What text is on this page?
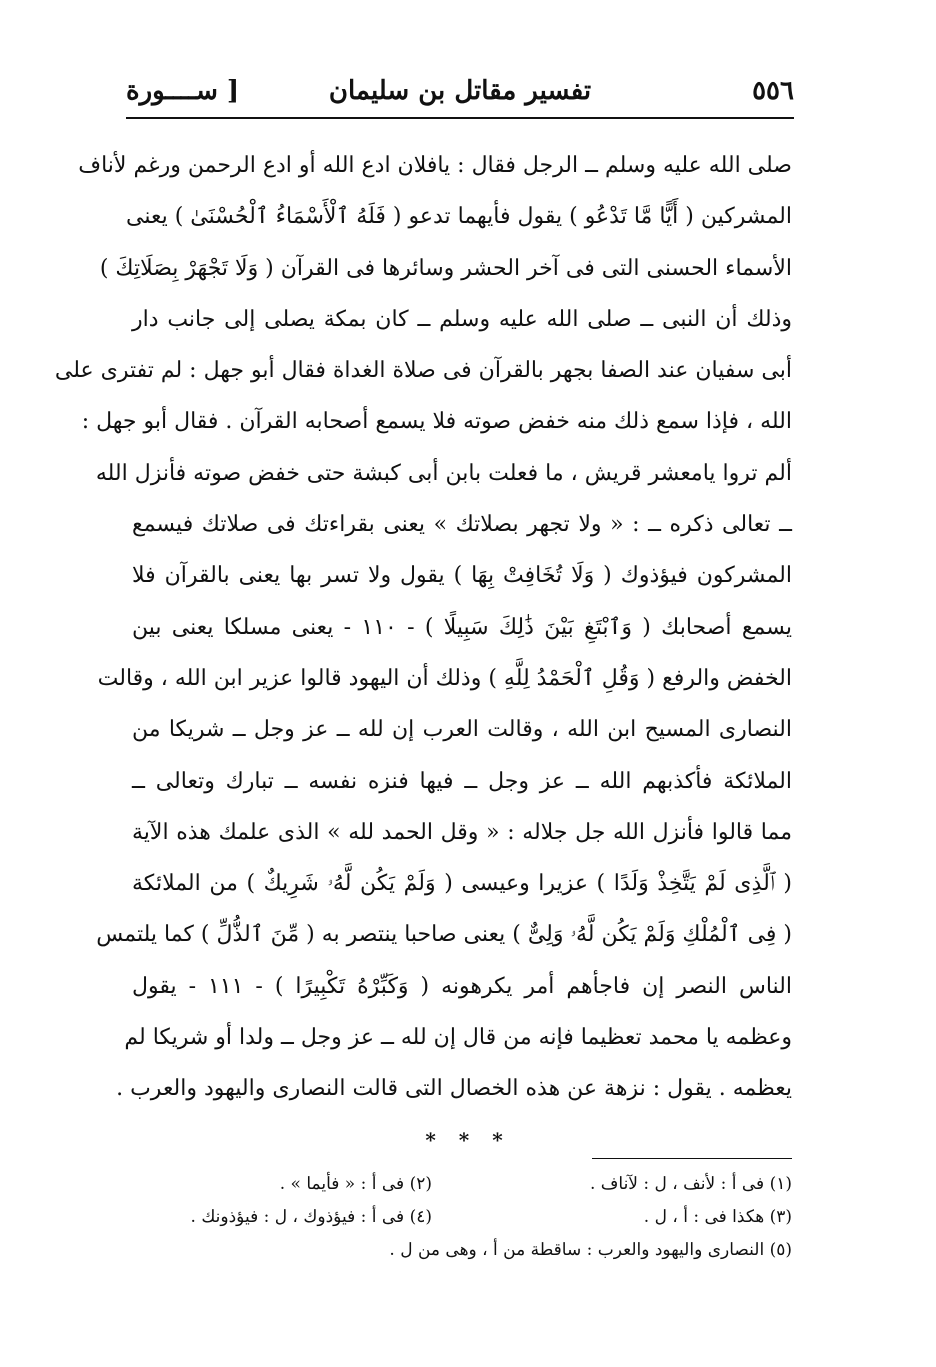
٥٥٦
تفسير مقاتل بن سليمان
[ ســــورة
صلى الله عليه وسلم ــ الرجل فقال : يافلان ادع الله أو ادع الرحمن ورغم لأناف
المشركين ( أَيًّا مَّا تَدْعُو ) يقول فأيهما تدعو ( فَلَهُ ٱلْأَسْمَاءُ ٱلْحُسْنَىٰ ) يعنى
الأسماء الحسنى التى فى آخر الحشر وسائرها فى القرآن ( وَلَا تَجْهَرْ بِصَلَاتِكَ )
وذلك أن النبى ــ صلى الله عليه وسلم ــ كان بمكة يصلى إلى جانب دار
أبى سفيان عند الصفا بجهر بالقرآن فى صلاة الغداة فقال أبو جهل : لم تفترى على
الله ، فإذا سمع ذلك منه خفض صوته فلا يسمع أصحابه القرآن . فقال أبو جهل :
ألم تروا يامعشر قريش ، ما فعلت بابن أبى كبشة حتى خفض صوته فأنزل الله
ــ تعالى ذكره ــ : « ولا تجهر بصلاتك » يعنى بقراءتك فى صلاتك فيسمع
المشركون فيؤذوك ( وَلَا تُخَافِتْ بِهَا ) يقول ولا تسر بها يعنى بالقرآن فلا
يسمع أصحابك ( وَٱبْتَغِ بَيْنَ ذَٰلِكَ سَبِيلًا ) - ١١٠ - يعنى مسلكا يعنى بين
الخفض والرفع ( وَقُلِ ٱلْحَمْدُ لِلَّهِ ) وذلك أن اليهود قالوا عزير ابن الله ، وقالت
النصارى المسيح ابن الله ، وقالت العرب إن لله ــ عز وجل ــ شريكا من
الملائكة فأكذبهم الله ــ عز وجل ــ فيها فنزه نفسه ــ تبارك وتعالى ــ
مما قالوا فأنزل الله جل جلاله : « وقل الحمد لله » الذى علمك هذه الآية
( ٱلَّذِى لَمْ يَتَّخِذْ وَلَدًا ) عزيرا وعيسى ( وَلَمْ يَكُن لَّهُۥ شَرِيكٌ ) من الملائكة
( فِى ٱلْمُلْكِ وَلَمْ يَكُن لَّهُۥ وَلِىٌّ ) يعنى صاحبا ينتصر به ( مِّنَ ٱلذُّلِّ ) كما يلتمس
الناس النصر إن فاجأهم أمر يكرهونه ( وَكَبِّرْهُ تَكْبِيرًا ) - ١١١ - يقول
وعظمه يا محمد تعظيما فإنه من قال إن لله ــ عز وجل ــ ولدا أو شريكا لم
يعظمه . يقول : نزهة عن هذه الخصال التى قالت النصارى واليهود والعرب .
* * *
(١) فى أ : لأنف ، ل : لآناف .
(٢) فى أ : « فأيما » .
(٣) هكذا فى : أ ، ل .
(٤) فى أ : فيؤذوك ، ل : فيؤذونك .
(٥) النصارى واليهود والعرب : ساقطة من أ ، وهى من ل .
